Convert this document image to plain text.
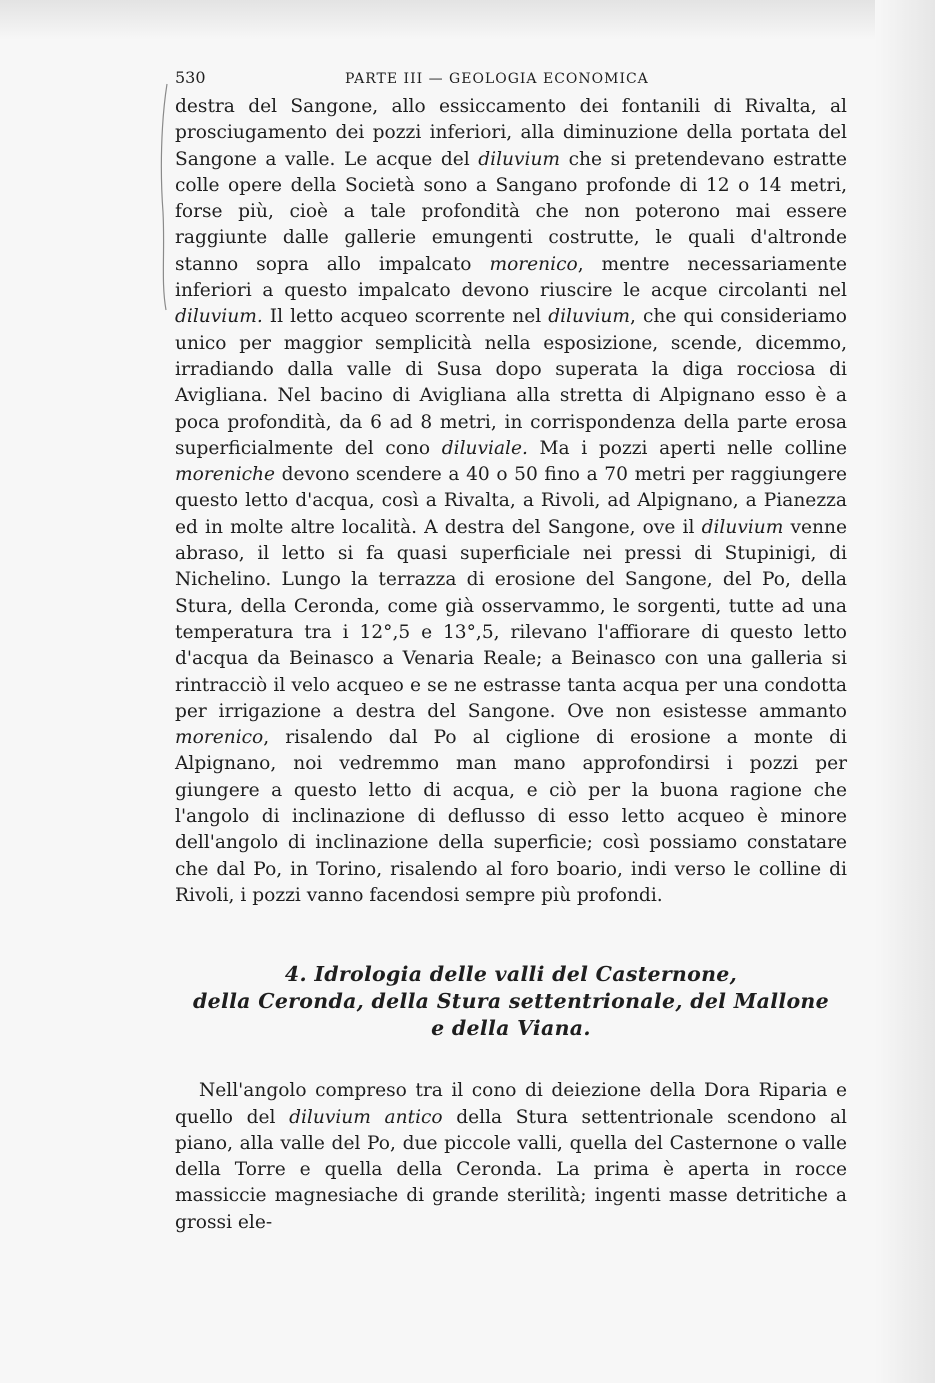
530	PARTE III — GEOLOGIA ECONOMICA

destra del Sangone, allo essiccamento dei fontanili di Rivalta, al prosciugamento dei pozzi inferiori, alla diminuzione della portata del Sangone a valle. Le acque del diluvium che si pretendevano estratte colle opere della Società sono a Sangano profonde di 12 o 14 metri, forse più, cioè a tale profondità che non poterono mai essere raggiunte dalle gallerie emungenti costrutte, le quali d'altronde stanno sopra allo impalcato morenico, mentre necessariamente inferiori a questo impalcato devono riuscire le acque circolanti nel diluvium. Il letto acqueo scorrente nel diluvium, che qui consideriamo unico per maggior semplicità nella esposizione, scende, dicemmo, irradiando dalla valle di Susa dopo superata la diga rocciosa di Avigliana. Nel bacino di Avigliana alla stretta di Alpignano esso è a poca profondità, da 6 ad 8 metri, in corrispondenza della parte erosa superficialmente del cono diluviale. Ma i pozzi aperti nelle colline moreniche devono scendere a 40 o 50 fino a 70 metri per raggiungere questo letto d'acqua, così a Rivalta, a Rivoli, ad Alpignano, a Pianezza ed in molte altre località. A destra del Sangone, ove il diluvium venne abraso, il letto si fa quasi superficiale nei pressi di Stupinigi, di Nichelino. Lungo la terrazza di erosione del Sangone, del Po, della Stura, della Ceronda, come già osservammo, le sorgenti, tutte ad una temperatura tra i 12°,5 e 13°,5, rilevano l'affiorare di questo letto d'acqua da Beinasco a Venaria Reale; a Beinasco con una galleria si rintracciò il velo acqueo e se ne estrasse tanta acqua per una condotta per irrigazione a destra del Sangone. Ove non esistesse ammanto morenico, risalendo dal Po al ciglione di erosione a monte di Alpignano, noi vedremmo man mano approfondirsi i pozzi per giungere a questo letto di acqua, e ciò per la buona ragione che l'angolo di inclinazione di deflusso di esso letto acqueo è minore dell'angolo di inclinazione della superficie; così possiamo constatare che dal Po, in Torino, risalendo al foro boario, indi verso le colline di Rivoli, i pozzi vanno facendosi sempre più profondi.

4. Idrologia delle valli del Casternone,
della Ceronda, della Stura settentrionale, del Mallone
e della Viana.

Nell'angolo compreso tra il cono di deiezione della Dora Riparia e quello del diluvium antico della Stura settentrionale scendono al piano, alla valle del Po, due piccole valli, quella del Casternone o valle della Torre e quella della Ceronda. La prima è aperta in rocce massiccie magnesiache di grande sterilità; ingenti masse detritiche a grossi ele-
